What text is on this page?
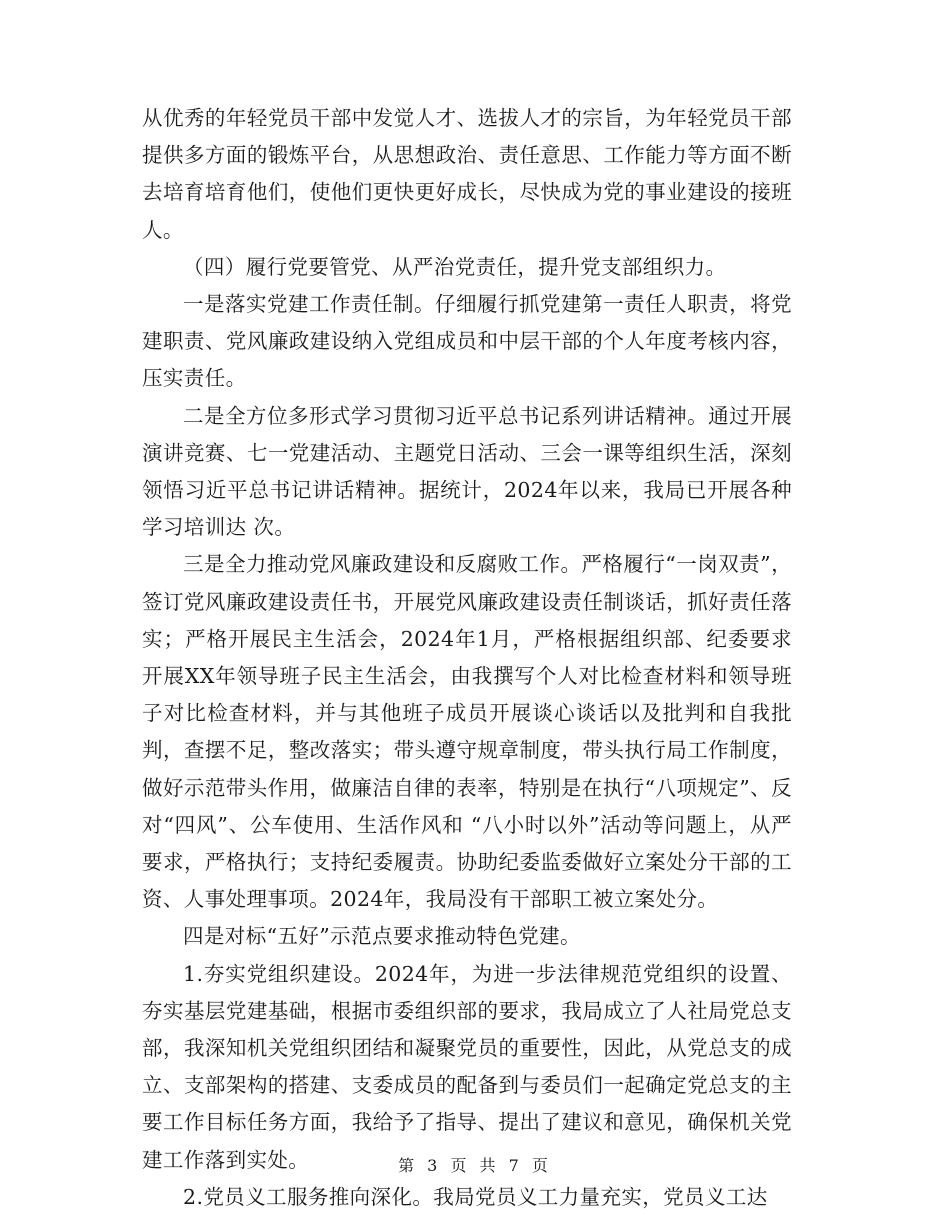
从优秀的年轻党员干部中发觉人才、选拔人才的宗旨，为年轻党员干部提供多方面的锻炼平台，从思想政治、责任意思、工作能力等方面不断去培育培育他们，使他们更快更好成长，尽快成为党的事业建设的接班人。

（四）履行党要管党、从严治党责任，提升党支部组织力。

一是落实党建工作责任制。仔细履行抓党建第一责任人职责，将党建职责、党风廉政建设纳入党组成员和中层干部的个人年度考核内容，压实责任。

二是全方位多形式学习贯彻习近平总书记系列讲话精神。通过开展演讲竞赛、七一党建活动、主题党日活动、三会一课等组织生活，深刻领悟习近平总书记讲话精神。据统计，2024年以来，我局已开展各种学习培训达 次。

三是全力推动党风廉政建设和反腐败工作。严格履行“一岗双责”，签订党风廉政建设责任书，开展党风廉政建设责任制谈话，抓好责任落实；严格开展民主生活会，2024年1月，严格根据组织部、纪委要求开展XX年领导班子民主生活会，由我撰写个人对比检查材料和领导班子对比检查材料，并与其他班子成员开展谈心谈话以及批判和自我批判，查摆不足，整改落实；带头遵守规章制度，带头执行局工作制度，做好示范带头作用，做廉洁自律的表率，特别是在执行“八项规定”、反对“四风”、公车使用、生活作风和 “八小时以外”活动等问题上，从严要求，严格执行；支持纪委履责。协助纪委监委做好立案处分干部的工资、人事处理事项。2024年，我局没有干部职工被立案处分。

四是对标“五好”示范点要求推动特色党建。

1.夯实党组织建设。2024年，为进一步法律规范党组织的设置、夯实基层党建基础，根据市委组织部的要求，我局成立了人社局党总支部，我深知机关党组织团结和凝聚党员的重要性，因此，从党总支的成立、支部架构的搭建、支委成员的配备到与委员们一起确定党总支的主要工作目标任务方面，我给予了指导、提出了建议和意见，确保机关党建工作落到实处。

2.党员义工服务推向深化。我局党员义工力量充实，党员义工达

第 3 页 共 7 页
